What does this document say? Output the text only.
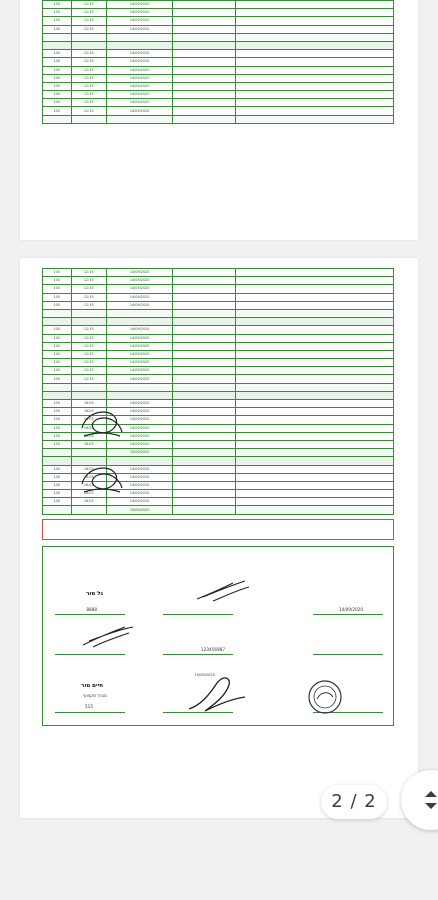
		14/09/2020	12:35	100
		14/09/2020	12:35	100
		14/09/2020	12:35	100
		14/09/2020	12:35	100

		14/09/2020	12:35	100
		14/09/2020	12:35	100
		14/09/2020	12:35	100
		14/09/2020	12:35	100
		14/09/2020	12:35	100
		14/09/2020	12:35	100
		14/09/2020	12:35	100
		14/09/2020	12:35	100

		14/09/2020	12:35	100
		14/09/2020	12:35	100
		14/09/2020	12:35	100
		14/09/2020	12:35	100
		14/09/2020	12:35	100

		14/09/2020	12:35	100
		14/09/2020	12:35	100
		14/09/2020	12:35	100
		14/09/2020	12:35	100
		14/09/2020	12:35	100
		14/09/2020	12:35	100
		14/09/2020	12:35	100

		14/09/2020	16:05	100
		14/09/2020	16:05	100
		14/09/2020	16:05	100
		14/09/2020	16:05	100
		14/09/2020	16:05	100
		14/09/2020	16:05	100
		15/09/2020		

		14/09/2020	16:05	100
		14/09/2020	16:05	100
		14/09/2020	16:05	100
		14/09/2020	16:05	100
		14/09/2020	16:05	100
		15/09/2020		

גל מור
8888	14/09/2020
123456987
19/09/2020
חיים מור
מנהל מקצועי
515
2 / 2
